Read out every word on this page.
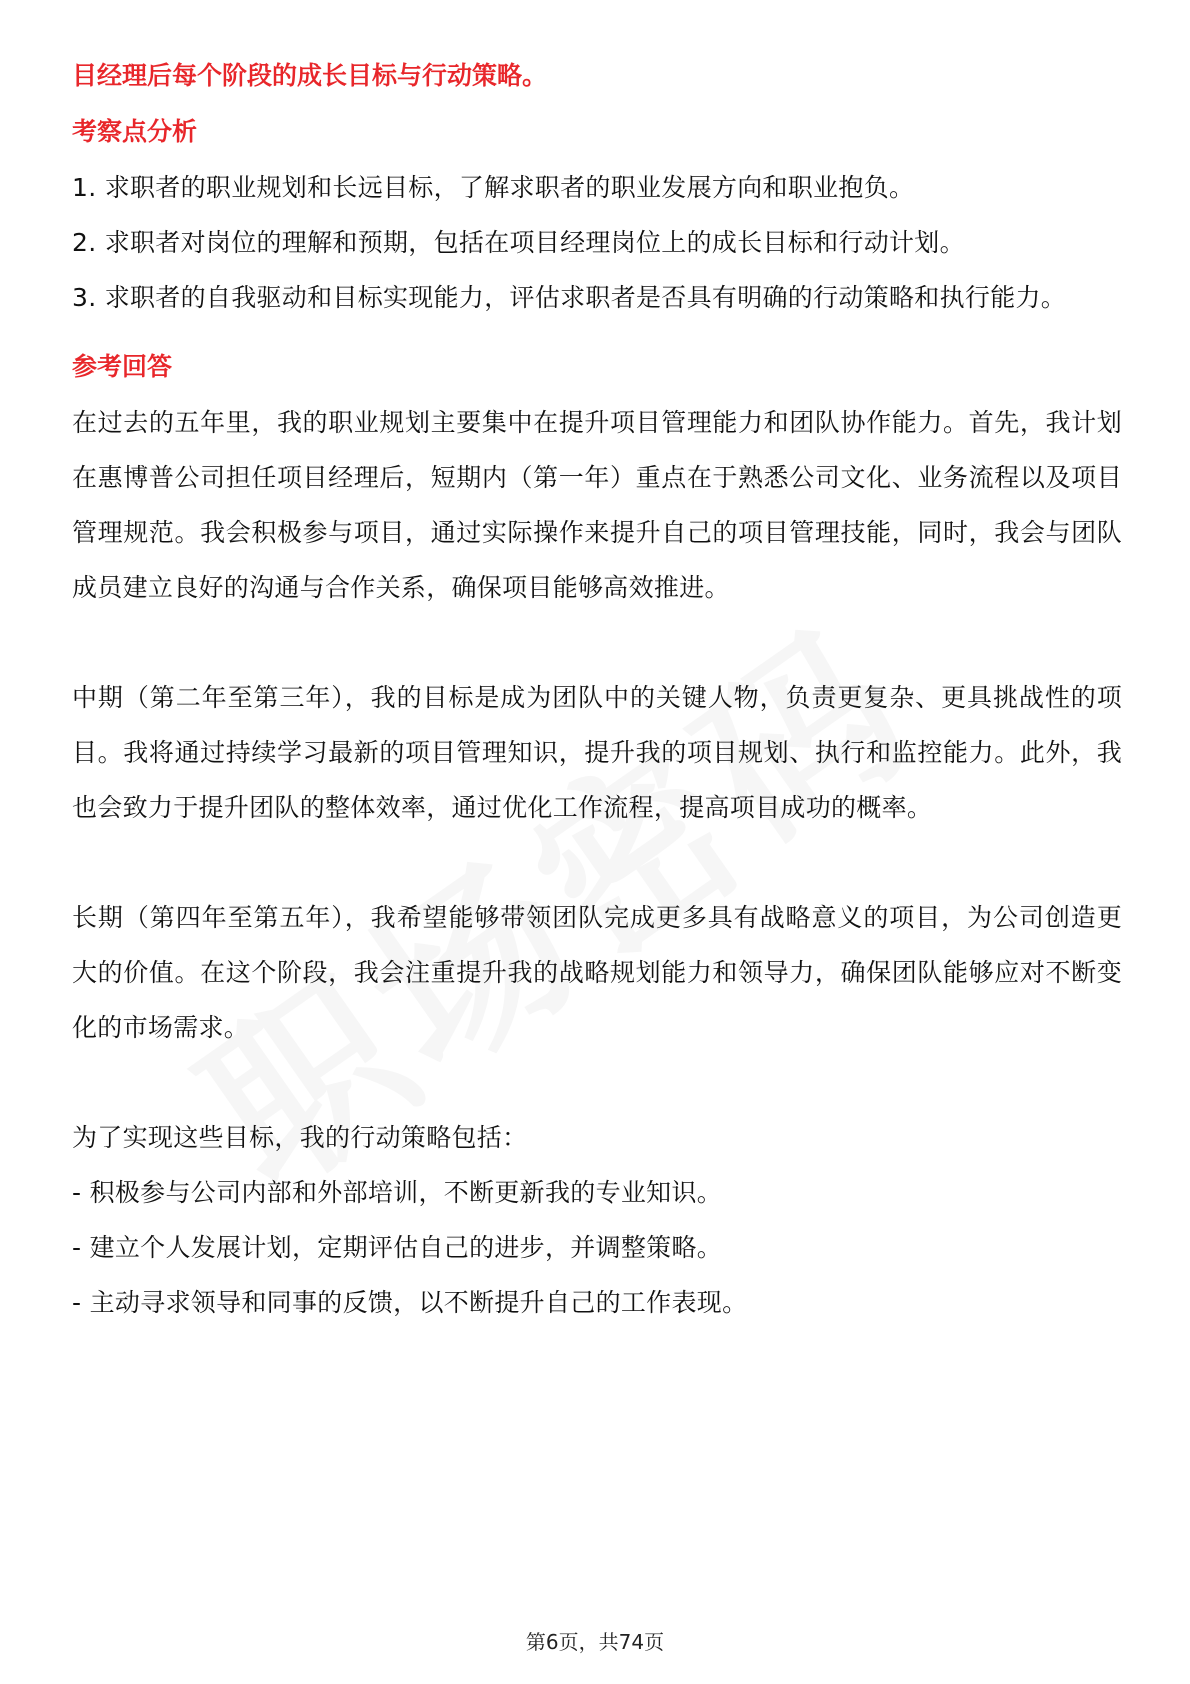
目经理后每个阶段的成长目标与行动策略。

考察点分析

1. 求职者的职业规划和长远目标，了解求职者的职业发展方向和职业抱负。

2. 求职者对岗位的理解和预期，包括在项目经理岗位上的成长目标和行动计划。

3. 求职者的自我驱动和目标实现能力，评估求职者是否具有明确的行动策略和执行能力。

参考回答

在过去的五年里，我的职业规划主要集中在提升项目管理能力和团队协作能力。首先，我计划在惠博普公司担任项目经理后，短期内（第一年）重点在于熟悉公司文化、业务流程以及项目管理规范。我会积极参与项目，通过实际操作来提升自己的项目管理技能，同时，我会与团队成员建立良好的沟通与合作关系，确保项目能够高效推进。

中期（第二年至第三年），我的目标是成为团队中的关键人物，负责更复杂、更具挑战性的项目。我将通过持续学习最新的项目管理知识，提升我的项目规划、执行和监控能力。此外，我也会致力于提升团队的整体效率，通过优化工作流程，提高项目成功的概率。

长期（第四年至第五年），我希望能够带领团队完成更多具有战略意义的项目，为公司创造更大的价值。在这个阶段，我会注重提升我的战略规划能力和领导力，确保团队能够应对不断变化的市场需求。

为了实现这些目标，我的行动策略包括：

- 积极参与公司内部和外部培训，不断更新我的专业知识。

- 建立个人发展计划，定期评估自己的进步，并调整策略。

- 主动寻求领导和同事的反馈，以不断提升自己的工作表现。

第6页，共74页
